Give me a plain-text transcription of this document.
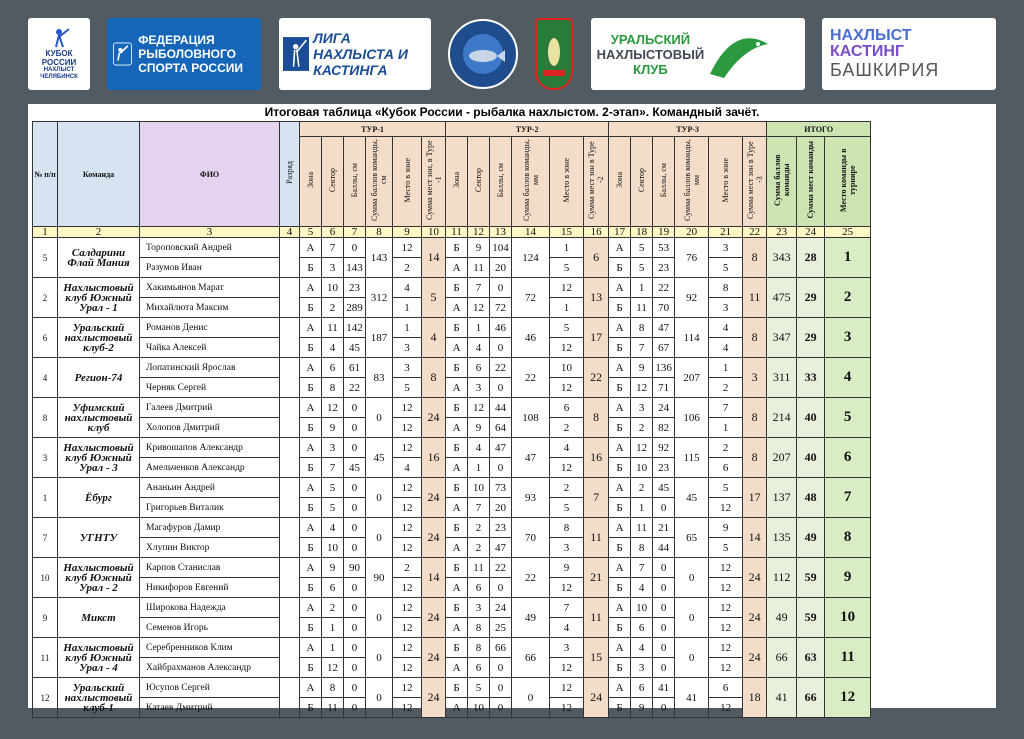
КУБОК
РОССИИ
НАХЛЫСТ
ЧЕЛЯБИНСК
ФЕДЕРАЦИЯ РЫБОЛОВНОГО СПОРТА РОССИИ
ЛИГА НАХЛЫСТА И КАСТИНГА
УРАЛЬСКИЙ
НАХЛЫСТОВЫЙ
КЛУБ
НАХЛЫСТ
КАСТИНГ
БАШКИРИЯ
Итоговая таблица «Кубок России - рыбалка нахлыстом. 2-этап». Командный зачёт.
№ п/п	Команда	ФИО	Разряд	ТУР-1						ТУР-2						ТУР-3						ИТОГО		
				Зона	Сектор	Баллы, см	Сумма баллов команды, см	Место в зоне	Сумма мест зон, в Туре -1	Зона	Сектор	Баллы, см	Сумма баллов команды, мм	Место в зоне	Сумма мест зон в Туре -2	Зона	Сектор	Баллы, см	Сумма баллов команды, мм	Место в зоне	Сумма мест зон в Туре -3	Сумма баллов команды	Сумма мест команды	Место команды в турнире
1	2	3	4	5	6	7	8	9	10	11	12	13	14	15	16	17	18	19	20	21	22	23	24	25
5	Салдарини Флай Мания	Тороповский Андрей		А	7	0	143	12	14	Б	9	104	124	1	6	А	5	53	76	3	8	343	28	1
		Разумов Иван		Б	3	143		2		А	11	20		5		Б	5	23		5				
2	Нахлыстовый клуб Южный Урал - 1	Хакимьянов Марат		А	10	23	312	4	5	Б	7	0	72	12	13	А	1	22	92	8	11	475	29	2
		Михайлюта Максим		Б	2	289		1		А	12	72		1		Б	11	70		3				
6	Уральский нахлыстовый клуб-2	Романов Денис		А	11	142	187	1	4	Б	1	46	46	5	17	А	8	47	114	4	8	347	29	3
		Чайка Алексей		Б	4	45		3		А	4	0		12		Б	7	67		4				
4	Регион-74	Лопатинский Ярослав		А	6	61	83	3	8	Б	6	22	22	10	22	А	9	136	207	1	3	311	33	4
		Черняк Сергей		Б	8	22		5		А	3	0		12		Б	12	71		2				
8	Уфимский нахлыстовый клуб	Галеев Дмитрий		А	12	0	0	12	24	Б	12	44	108	6	8	А	3	24	106	7	8	214	40	5
		Холопов Дмитрий		Б	9	0		12		А	9	64		2		Б	2	82		1				
3	Нахлыстовый клуб Южный Урал - 3	Кривошапов Александр		А	3	0	45	12	16	Б	4	47	47	4	16	А	12	92	115	2	8	207	40	6
		Амельченков Александр		Б	7	45		4		А	1	0		12		Б	10	23		6				
1	Ёбург	Ананьин Андрей		А	5	0	0	12	24	Б	10	73	93	2	7	А	2	45	45	5	17	137	48	7
		Григорьев Виталик		Б	5	0		12		А	7	20		5		Б	1	0		12				
7	УГНТУ	Магафуров Дамир		А	4	0	0	12	24	Б	2	23	70	8	11	А	11	21	65	9	14	135	49	8
		Хлупин Виктор		Б	10	0		12		А	2	47		3		Б	8	44		5				
10	Нахлыстовый клуб Южный Урал - 2	Карпов Станислав		А	9	90	90	2	14	Б	11	22	22	9	21	А	7	0	0	12	24	112	59	9
		Никифоров Евгений		Б	6	0		12		А	6	0		12		Б	4	0		12				
9	Микст	Широкова Надежда		А	2	0	0	12	24	Б	3	24	49	7	11	А	10	0	0	12	24	49	59	10
		Семенов Игорь		Б	1	0		12		А	8	25		4		Б	6	0		12				
11	Нахлыстовый клуб Южный Урал - 4	Серебренников Клим		А	1	0	0	12	24	Б	8	66	66	3	15	А	4	0	0	12	24	66	63	11
		Хайбрахманов Александр		Б	12	0		12		А	6	0		12		Б	3	0		12				
12	Уральский нахлыстовый клуб-1	Юсупов Сергей		А	8	0	0	12	24	Б	5	0	0	12	24	А	6	41	41	6	18	41	66	12
		Катаев Дмитрий		Б	11	0		12		А	10	0		12		Б	9	0		12				
